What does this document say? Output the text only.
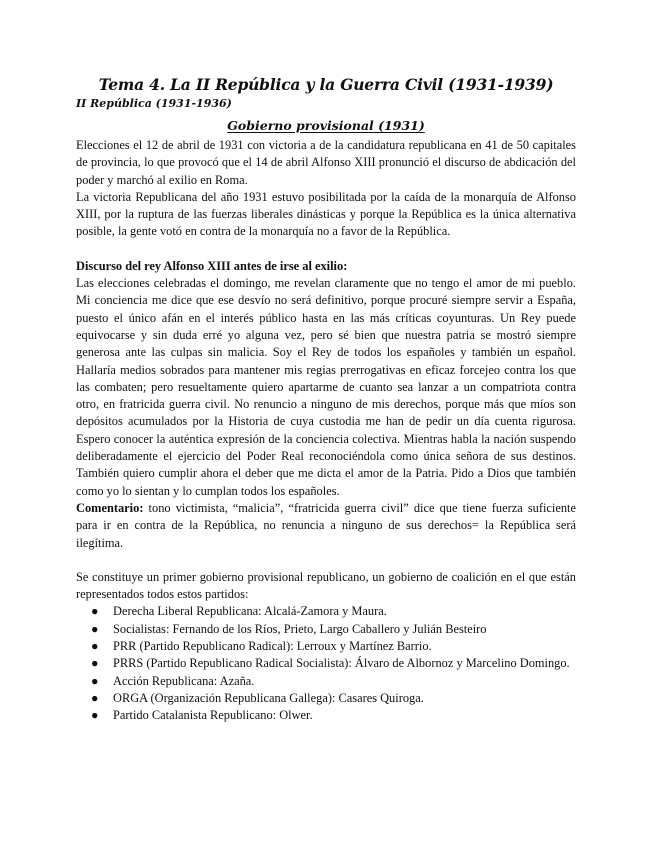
Tema 4. La II República y la Guerra Civil (1931-1939)
II República (1931-1936)
Gobierno provisional (1931)

Elecciones el 12 de abril de 1931 con victoria a de la candidatura republicana en 41 de 50 capitales de provincia, lo que provocó que el 14 de abril Alfonso XIII pronunció el discurso de abdicación del poder y marchó al exilio en Roma.

La victoria Republicana del año 1931 estuvo posibilitada por la caída de la monarquía de Alfonso XIII, por la ruptura de las fuerzas liberales dinásticas y porque la República es la única alternativa posible, la gente votó en contra de la monarquía no a favor de la República.

Discurso del rey Alfonso XIII antes de irse al exilio:

Las elecciones celebradas el domingo, me revelan claramente que no tengo el amor de mi pueblo. Mi conciencia me dice que ese desvío no será definitivo, porque procuré siempre servir a España, puesto el único afán en el interés público hasta en las más críticas coyunturas. Un Rey puede equivocarse y sin duda erré yo alguna vez, pero sé bien que nuestra patria se mostró siempre generosa ante las culpas sin malicia. Soy el Rey de todos los españoles y también un español. Hallaría medios sobrados para mantener mis regias prerrogativas en eficaz forcejeo contra los que las combaten; pero resueltamente quiero apartarme de cuanto sea lanzar a un compatriota contra otro, en fratricida guerra civil. No renuncio a ninguno de mis derechos, porque más que míos son depósitos acumulados por la Historia de cuya custodia me han de pedir un día cuenta rigurosa. Espero conocer la auténtica expresión de la conciencia colectiva. Mientras habla la nación suspendo deliberadamente el ejercicio del Poder Real reconociéndola como única señora de sus destinos. También quiero cumplir ahora el deber que me dicta el amor de la Patria. Pido a Dios que también como yo lo sientan y lo cumplan todos los españoles.

Comentario: tono victimista, “malicia”, “fratricida guerra civil” dice que tiene fuerza suficiente para ir en contra de la República, no renuncia a ninguno de sus derechos= la República será ilegítima.

Se constituye un primer gobierno provisional republicano, un gobierno de coalición en el que están representados todos estos partidos:

● Derecha Liberal Republicana: Alcalá-Zamora y Maura.
● Socialistas: Fernando de los Ríos, Prieto, Largo Caballero y Julián Besteiro
● PRR (Partido Republicano Radical): Lerroux y Martínez Barrio.
● PRRS (Partido Republicano Radical Socialista): Álvaro de Albornoz y Marcelino Domingo.
● Acción Republicana: Azaña.
● ORGA (Organización Republicana Gallega): Casares Quiroga.
● Partido Catalanista Republicano: Olwer.
